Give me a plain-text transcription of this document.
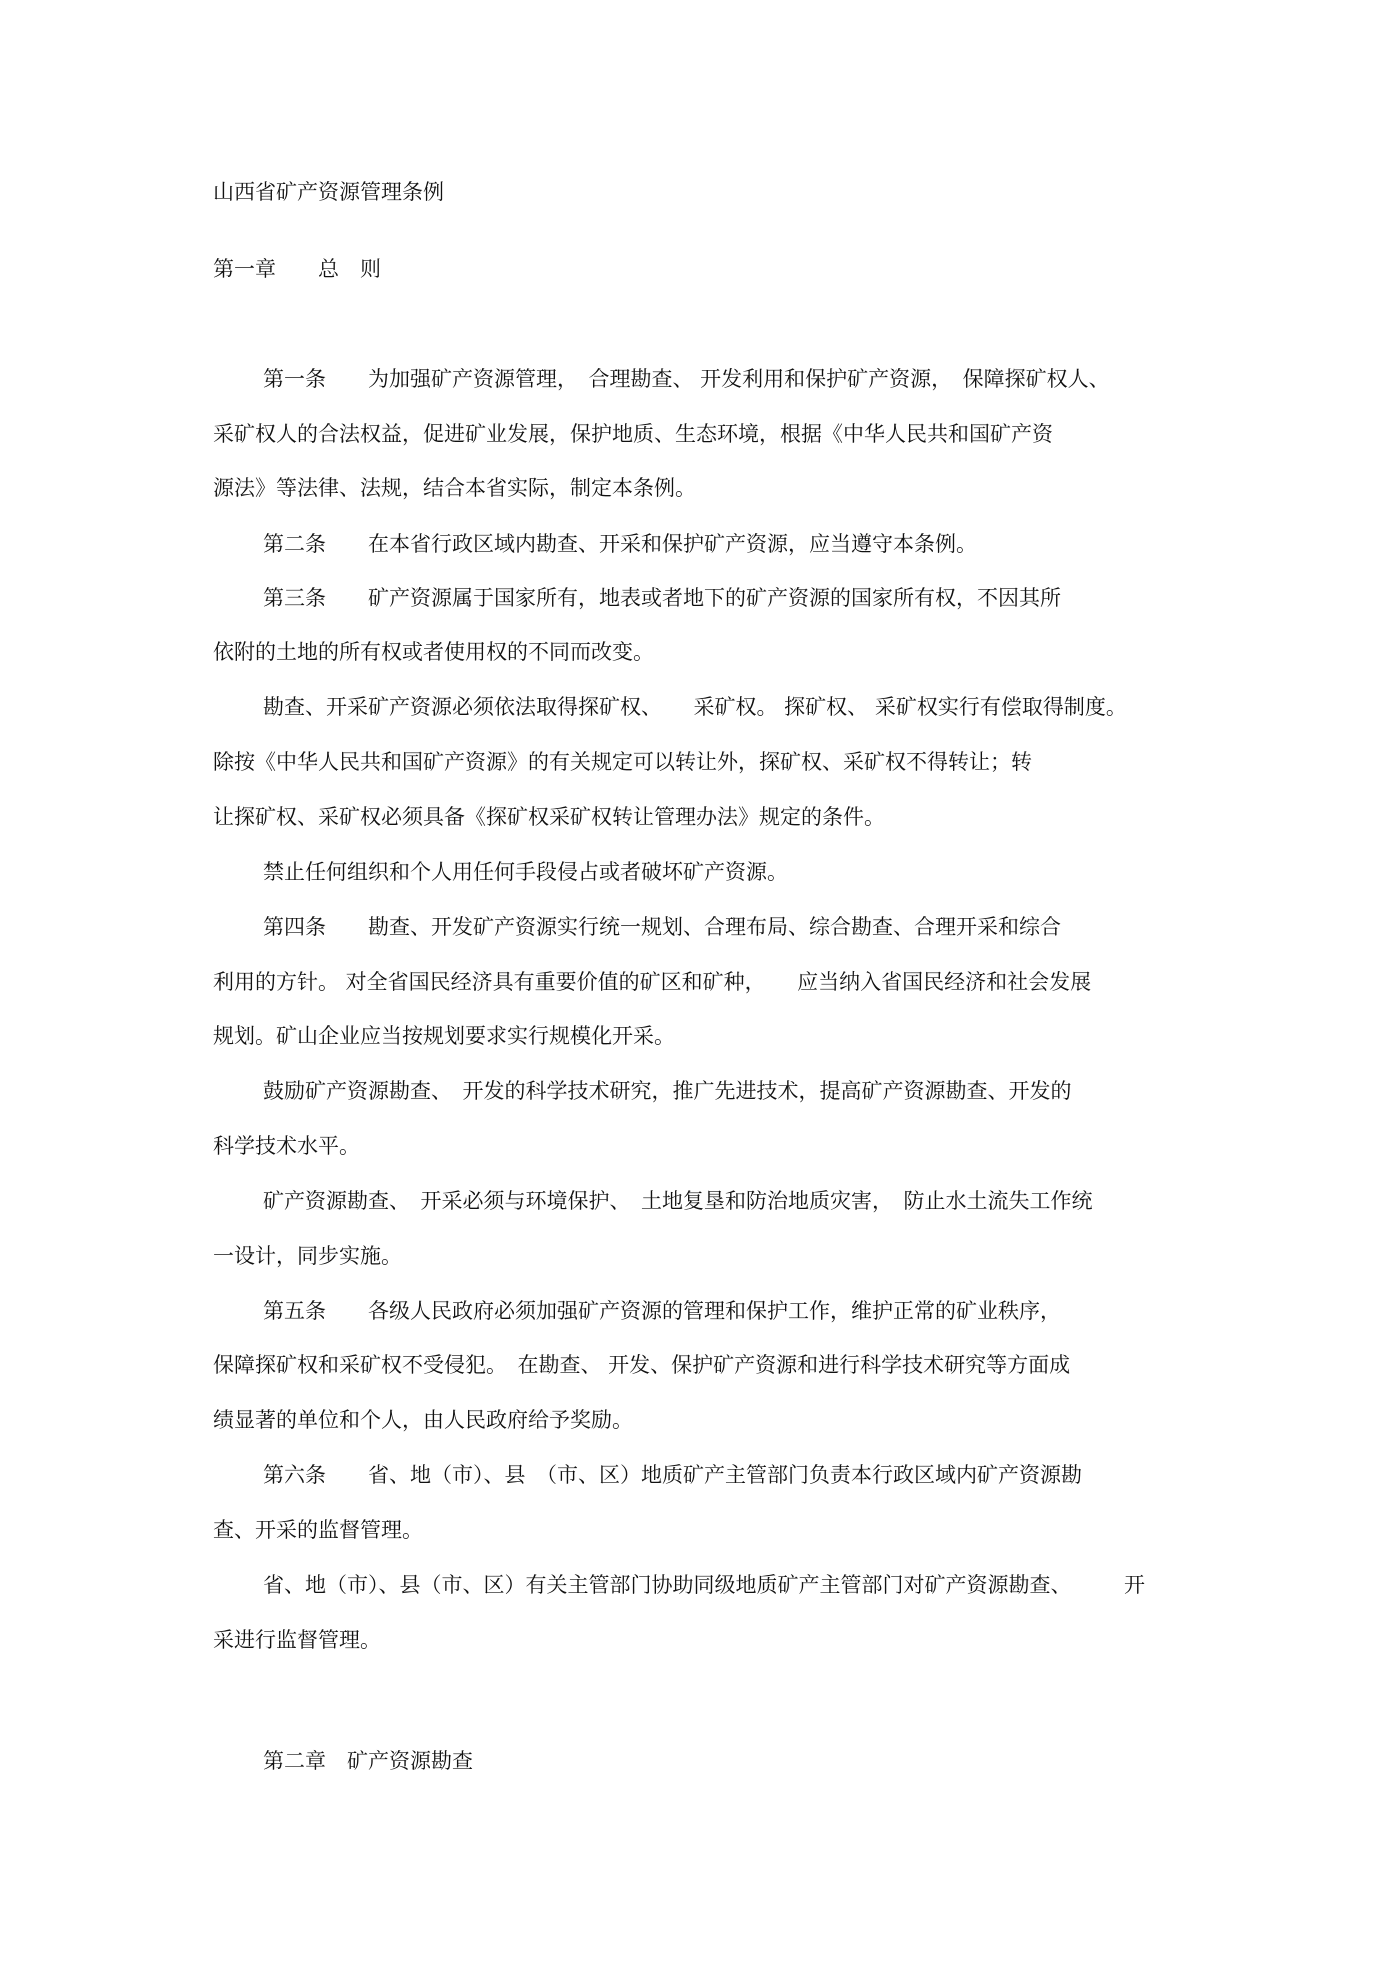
山西省矿产资源管理条例
第一章　　总　则
第一条　　为加强矿产资源管理，　合理勘查、 开发利用和保护矿产资源，　保障探矿权人、
采矿权人的合法权益，促进矿业发展，保护地质、生态环境，根据《中华人民共和国矿产资
源法》等法律、法规，结合本省实际，制定本条例。
第二条　　在本省行政区域内勘查、开采和保护矿产资源，应当遵守本条例。
第三条　　矿产资源属于国家所有，地表或者地下的矿产资源的国家所有权，不因其所
依附的土地的所有权或者使用权的不同而改变。
勘查、开采矿产资源必须依法取得探矿权、　　采矿权。 探矿权、 采矿权实行有偿取得制度。
除按《中华人民共和国矿产资源》的有关规定可以转让外，探矿权、采矿权不得转让；转
让探矿权、采矿权必须具备《探矿权采矿权转让管理办法》规定的条件。
禁止任何组织和个人用任何手段侵占或者破坏矿产资源。
第四条　　勘查、开发矿产资源实行统一规划、合理布局、综合勘查、合理开采和综合
利用的方针。 对全省国民经济具有重要价值的矿区和矿种，　　应当纳入省国民经济和社会发展
规划。矿山企业应当按规划要求实行规模化开采。
鼓励矿产资源勘查、　开发的科学技术研究，推广先进技术，提高矿产资源勘查、开发的
科学技术水平。
矿产资源勘查、　开采必须与环境保护、　土地复垦和防治地质灾害，　防止水土流失工作统
一设计，同步实施。
第五条　　各级人民政府必须加强矿产资源的管理和保护工作，维护正常的矿业秩序，
保障探矿权和采矿权不受侵犯。　在勘查、 开发、保护矿产资源和进行科学技术研究等方面成
绩显著的单位和个人，由人民政府给予奖励。
第六条　　省、地（市）、县　（市、区）地质矿产主管部门负责本行政区域内矿产资源勘
查、开采的监督管理。
省、地（市）、县（市、区）有关主管部门协助同级地质矿产主管部门对矿产资源勘查、　　　开
采进行监督管理。
第二章　矿产资源勘查
